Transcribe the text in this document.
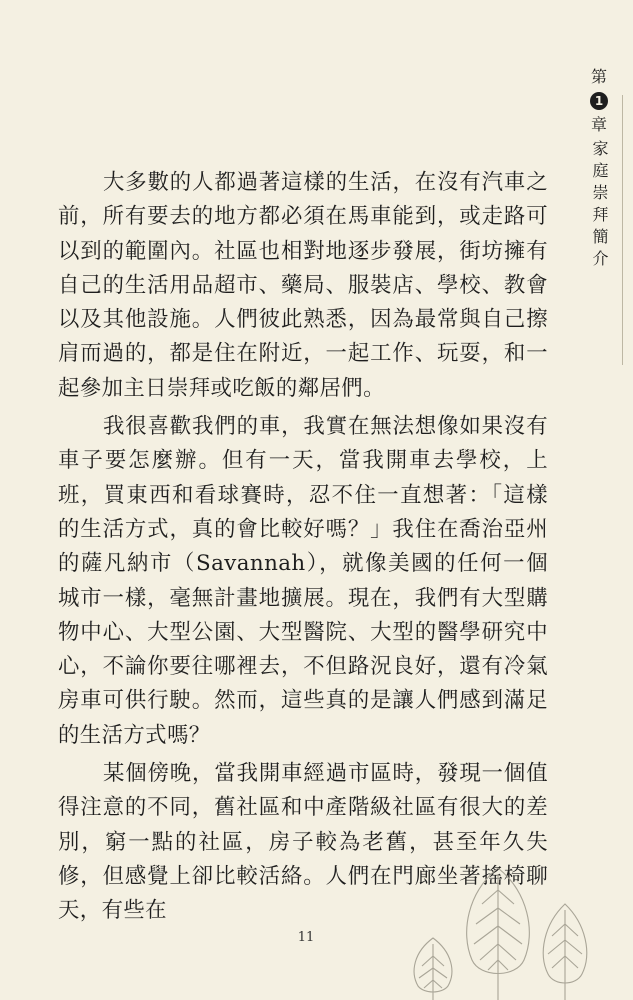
第
1
章
家庭崇拜簡介

大多數的人都過著這樣的生活，在沒有汽車之前，所有要去的地方都必須在馬車能到，或走路可以到的範圍內。社區也相對地逐步發展，街坊擁有自己的生活用品超市、藥局、服裝店、學校、教會以及其他設施。人們彼此熟悉，因為最常與自己擦肩而過的，都是住在附近，一起工作、玩耍，和一起參加主日崇拜或吃飯的鄰居們。

我很喜歡我們的車，我實在無法想像如果沒有車子要怎麼辦。但有一天，當我開車去學校，上班，買東西和看球賽時，忍不住一直想著：「這樣的生活方式，真的會比較好嗎？」我住在喬治亞州的薩凡納市（Savannah），就像美國的任何一個城市一樣，毫無計畫地擴展。現在，我們有大型購物中心、大型公園、大型醫院、大型的醫學研究中心，不論你要往哪裡去，不但路況良好，還有冷氣房車可供行駛。然而，這些真的是讓人們感到滿足的生活方式嗎？

某個傍晚，當我開車經過市區時，發現一個值得注意的不同，舊社區和中產階級社區有很大的差別，窮一點的社區，房子較為老舊，甚至年久失修，但感覺上卻比較活絡。人們在門廊坐著搖椅聊天，有些在

11
